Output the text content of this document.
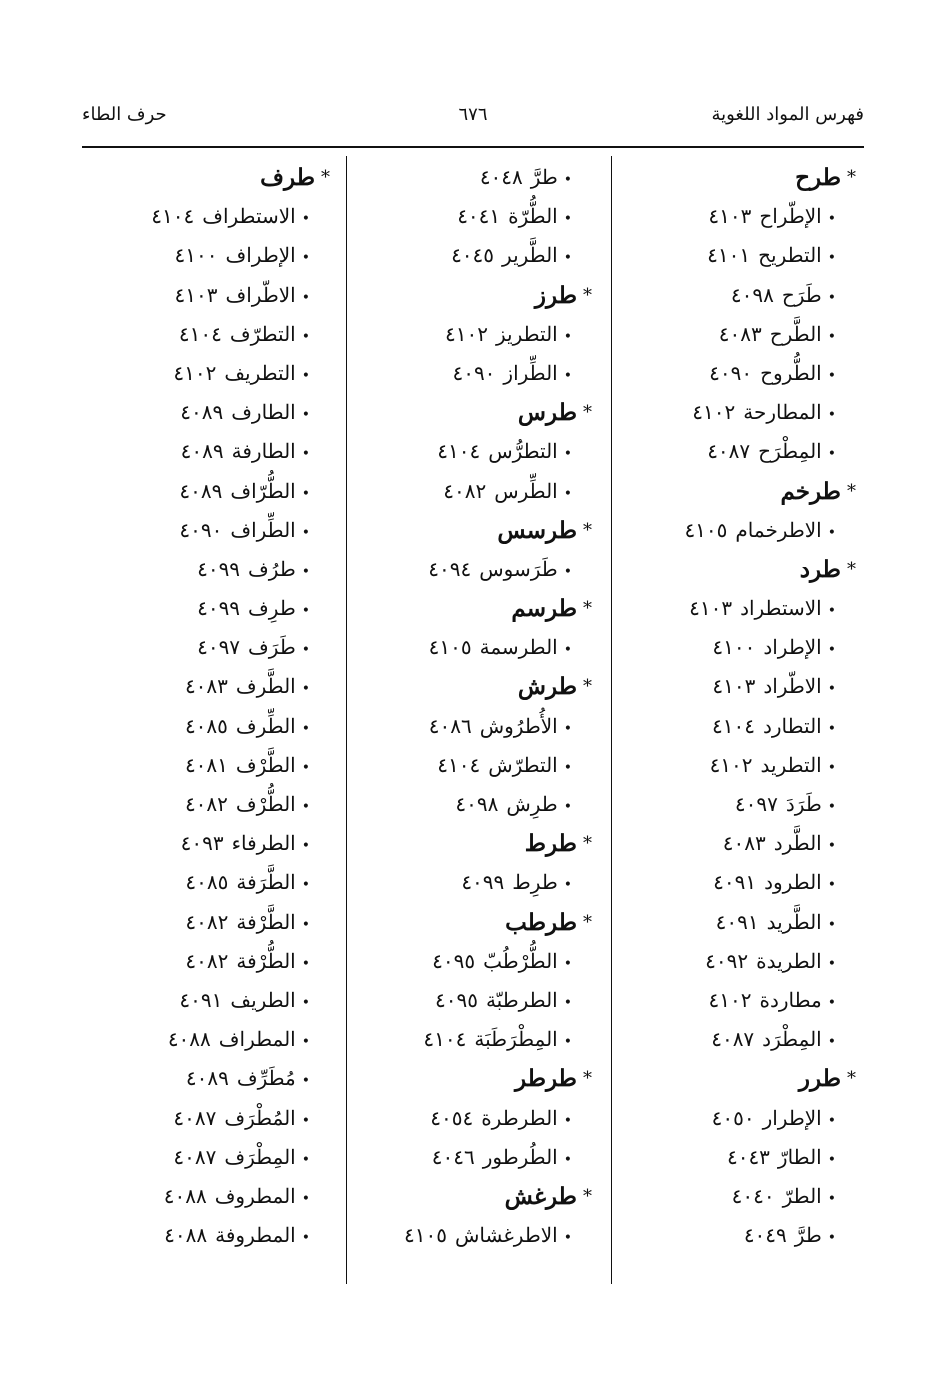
فهرس المواد اللغوية
٦٧٦
حرف الطاء
*طرح
•الإطّراح٤١٠٣
•التطريح٤١٠١
•طَرَح٤٠٩٨
•الطَّرح٤٠٨٣
•الطُّروح٤٠٩٠
•المطارحة٤١٠٢
•المِطْرَح٤٠٨٧
*طرخم
•الاطرخمام٤١٠٥
*طرد
•الاستطراد٤١٠٣
•الإطراد٤١٠٠
•الاطّراد٤١٠٣
•التطارد٤١٠٤
•التطريد٤١٠٢
•طَرَدَ٤٠٩٧
•الطَّرد٤٠٨٣
•الطرود٤٠٩١
•الطَّريد٤٠٩١
•الطريدة٤٠٩٢
•مطاردة٤١٠٢
•المِطْرَد٤٠٨٧
*طرر
•الإطرار٤٠٥٠
•الطارّ٤٠٤٣
•الطرّ٤٠٤٠
•طرَّ٤٠٤٩
•طرَّ٤٠٤٨
•الطُّرّة٤٠٤١
•الطَّرير٤٠٤٥
*طرز
•التطريز٤١٠٢
•الطِّراز٤٠٩٠
*طرس
•التطرُّس٤١٠٤
•الطِّرس٤٠٨٢
*طرسس
•طَرَسوس٤٠٩٤
*طرسم
•الطرسمة٤١٠٥
*طرش
•الأُطرُوش٤٠٨٦
•التطرّش٤١٠٤
•طرِش٤٠٩٨
*طرط
•طرِط٤٠٩٩
*طرطب
•الطُّرْطُبّ٤٠٩٥
•الطرطبّة٤٠٩٥
•المِطْرَطَبَة٤١٠٤
*طرطر
•الطرطرة٤٠٥٤
•الطُرطور٤٠٤٦
*طرغش
•الاطرغشاش٤١٠٥
*طرف
•الاستطراف٤١٠٤
•الإطراف٤١٠٠
•الاطّراف٤١٠٣
•التطرّف٤١٠٤
•التطريف٤١٠٢
•الطارف٤٠٨٩
•الطارفة٤٠٨٩
•الطُّرّاف٤٠٨٩
•الطِّراف٤٠٩٠
•طرُف٤٠٩٩
•طرِف٤٠٩٩
•طَرَف٤٠٩٧
•الطَّرف٤٠٨٣
•الطِّرف٤٠٨٥
•الطَّرْف٤٠٨١
•الطُّرْف٤٠٨٢
•الطرفاء٤٠٩٣
•الطَّرَفة٤٠٨٥
•الطَّرْفة٤٠٨٢
•الطُّرْفة٤٠٨٢
•الطريف٤٠٩١
•المطراف٤٠٨٨
•مُطَرِّف٤٠٨٩
•المُطْرَف٤٠٨٧
•المِطْرَف٤٠٨٧
•المطروف٤٠٨٨
•المطروفة٤٠٨٨
